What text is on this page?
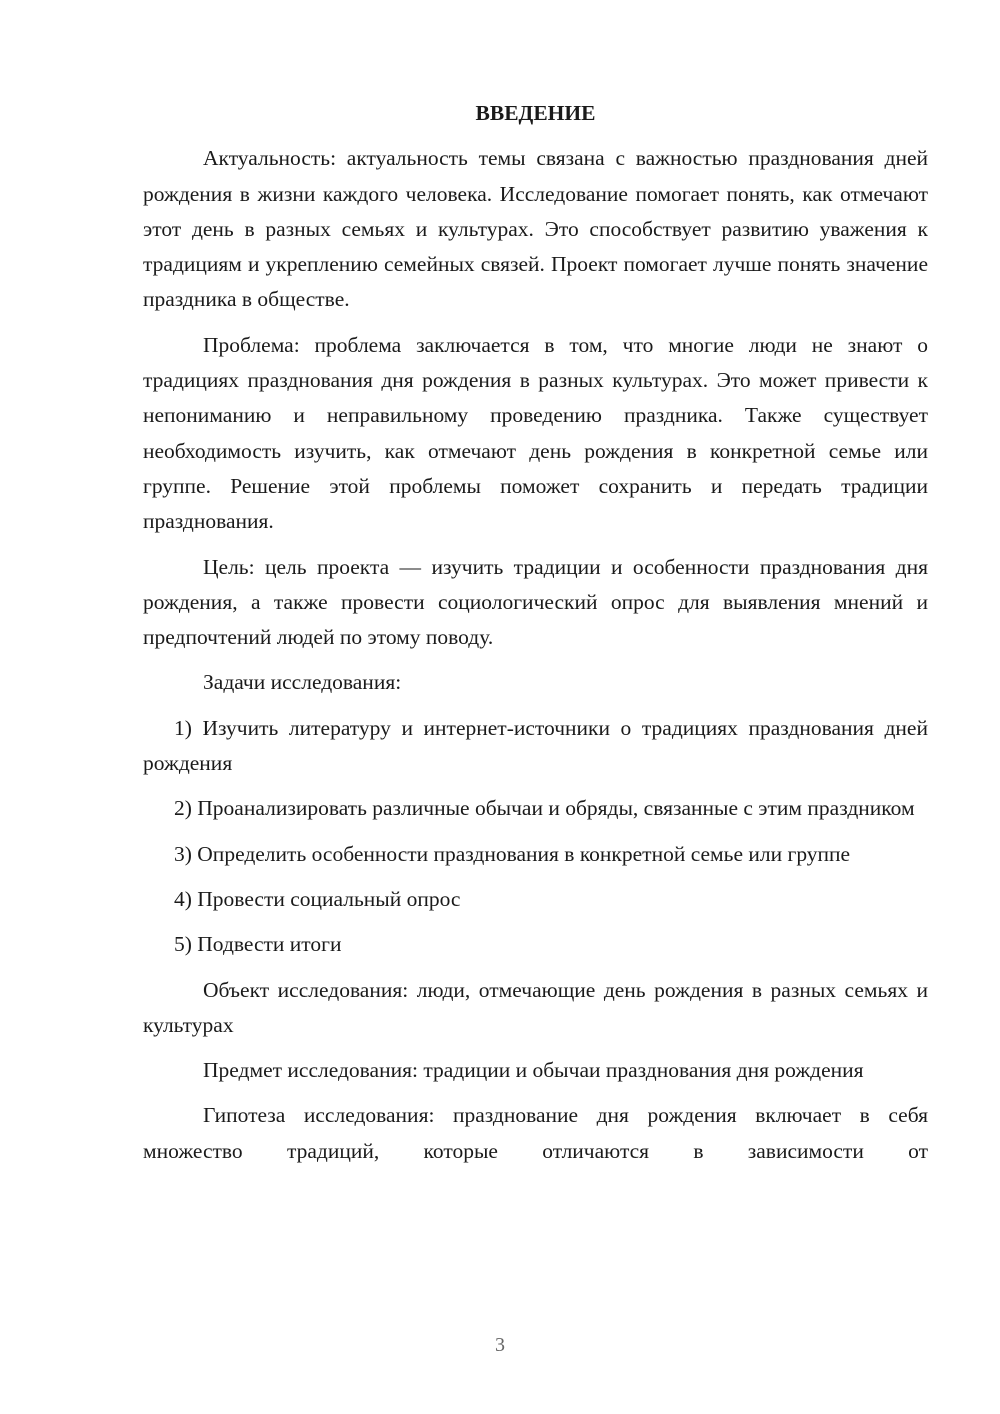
ВВЕДЕНИЕ

Актуальность: актуальность темы связана с важностью празднования дней рождения в жизни каждого человека. Исследование помогает понять, как отмечают этот день в разных семьях и культурах. Это способствует развитию уважения к традициям и укреплению семейных связей. Проект помогает лучше понять значение праздника в обществе.

Проблема: проблема заключается в том, что многие люди не знают о традициях празднования дня рождения в разных культурах. Это может привести к непониманию и неправильному проведению праздника. Также существует необходимость изучить, как отмечают день рождения в конкретной семье или группе. Решение этой проблемы поможет сохранить и передать традиции празднования.

Цель: цель проекта — изучить традиции и особенности празднования дня рождения, а также провести социологический опрос для выявления мнений и предпочтений людей по этому поводу.

Задачи исследования:

1) Изучить литературу и интернет-источники о традициях празднования дней рождения

2) Проанализировать различные обычаи и обряды, связанные с этим праздником

3) Определить особенности празднования в конкретной семье или группе

4) Провести социальный опрос

5) Подвести итоги

Объект исследования: люди, отмечающие день рождения в разных семьях и культурах

Предмет исследования: традиции и обычаи празднования дня рождения

Гипотеза исследования: празднование дня рождения включает в себя множество традиций, которые отличаются в зависимости от

3
